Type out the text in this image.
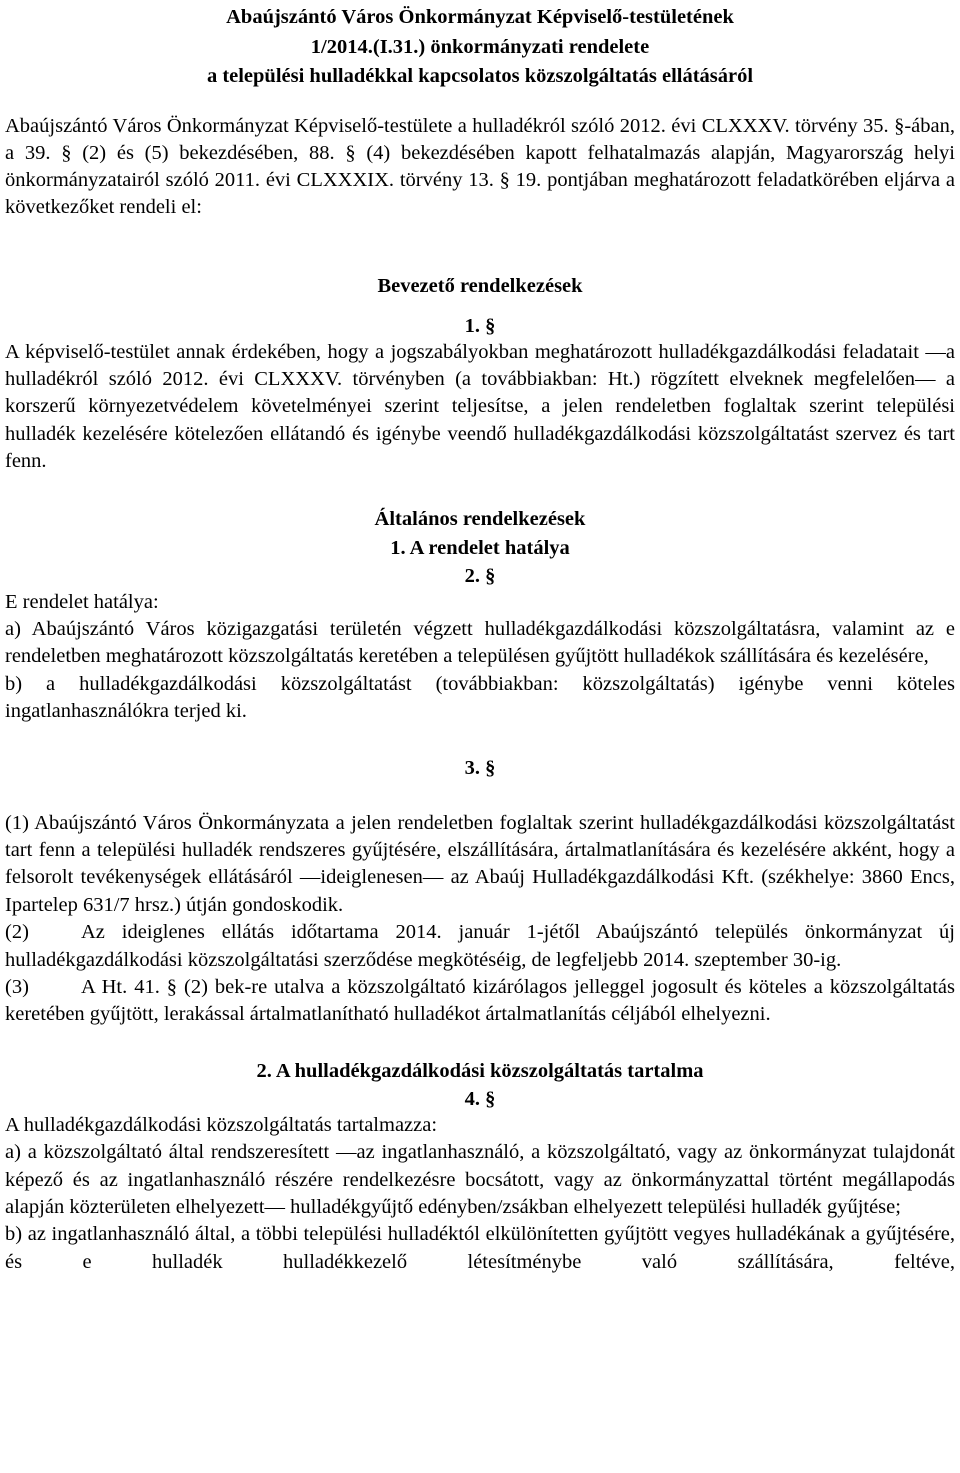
Abaújszántó Város Önkormányzat Képviselő-testületének
1/2014.(I.31.) önkormányzati rendelete
a települési hulladékkal kapcsolatos közszolgáltatás ellátásáról

Abaújszántó Város Önkormányzat Képviselő-testülete a hulladékról szóló 2012. évi CLXXXV. törvény 35. §-ában, a 39. § (2) és (5) bekezdésében, 88. § (4) bekezdésében kapott felhatalmazás alapján, Magyarország helyi önkormányzatairól szóló 2011. évi CLXXXIX. törvény 13. § 19. pontjában meghatározott feladatkörében eljárva a következőket rendeli el:

Bevezető rendelkezések
1. §

A képviselő-testület annak érdekében, hogy a jogszabályokban meghatározott hulladékgazdálkodási feladatait —a hulladékról szóló 2012. évi CLXXXV. törvényben (a továbbiakban: Ht.) rögzített elveknek megfelelően— a korszerű környezetvédelem követelményei szerint teljesítse, a jelen rendeletben foglaltak szerint települési hulladék kezelésére kötelezően ellátandó és igénybe veendő hulladékgazdálkodási közszolgáltatást szervez és tart fenn.

Általános rendelkezések
1. A rendelet hatálya
2. §
E rendelet hatálya:

a) Abaújszántó Város közigazgatási területén végzett hulladékgazdálkodási közszolgáltatásra, valamint az e rendeletben meghatározott közszolgáltatás keretében a településen gyűjtött hulladékok szállítására és kezelésére,

b) a hulladékgazdálkodási közszolgáltatást (továbbiakban: közszolgáltatás) igénybe venni köteles ingatlanhasználókra terjed ki.

3. §

(1) Abaújszántó Város Önkormányzata a jelen rendeletben foglaltak szerint hulladékgazdálkodási közszolgáltatást tart fenn a települési hulladék rendszeres gyűjtésére, elszállítására, ártalmatlanítására és kezelésére akként, hogy a felsorolt tevékenységek ellátásáról —ideiglenesen— az Abaúj Hulladékgazdálkodási Kft. (székhelye: 3860 Encs, Ipartelep 631/7 hrsz.) útján gondoskodik.

(2)	Az ideiglenes ellátás időtartama 2014. január 1-jétől Abaújszántó település önkormányzat új hulladékgazdálkodási közszolgáltatási szerződése megkötéséig, de legfeljebb 2014. szeptember 30-ig.

(3)	A Ht. 41. § (2) bek-re utalva a közszolgáltató kizárólagos jelleggel jogosult és köteles a közszolgáltatás keretében gyűjtött, lerakással ártalmatlanítható hulladékot ártalmatlanítás céljából elhelyezni.

2. A hulladékgazdálkodási közszolgáltatás tartalma
4. §
A hulladékgazdálkodási közszolgáltatás tartalmazza:

a) a közszolgáltató által rendszeresített —az ingatlanhasználó, a közszolgáltató, vagy az önkormányzat tulajdonát képező és az ingatlanhasználó részére rendelkezésre bocsátott, vagy az önkormányzattal történt megállapodás alapján közterületen elhelyezett— hulladékgyűjtő edényben/zsákban elhelyezett települési hulladék gyűjtése;

b) az ingatlanhasználó által, a többi települési hulladéktól elkülönítetten gyűjtött vegyes hulladékának a gyűjtésére, és e hulladék hulladékkezelő létesítménybe való szállítására, feltéve,
